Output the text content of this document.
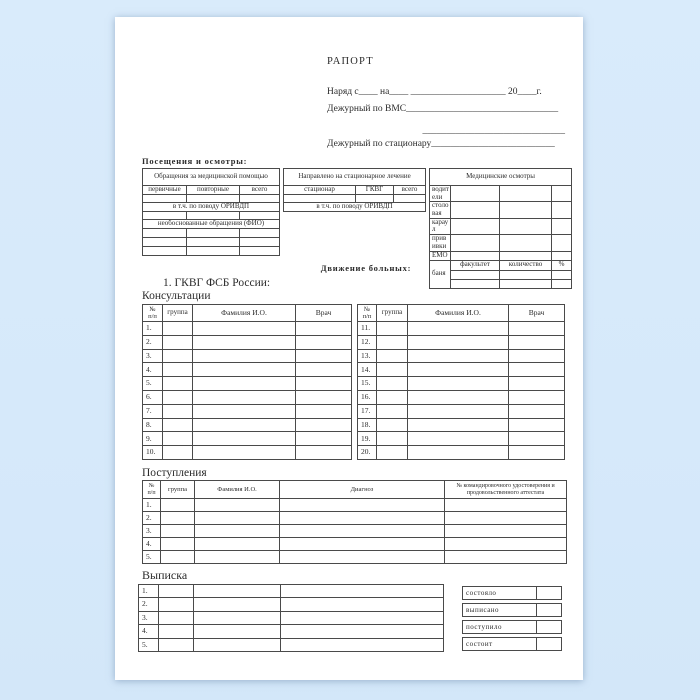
РАПОРТ
Наряд с____ на____ ____________________ 20____г.
Дежурный по ВМС________________________________
______________________________
Дежурный по стационару__________________________
Посещения и осмотры:
Обращения за медицинской помощью		
первичные	повторные	всего

в т.ч. по поводу ОРИВДП		

необоснованные обращения (ФИО)		

Направлено на стационарное лечение		
стационар	ГКВГ	всего

в т.ч. по поводу ОРИВДП		
Медицинские осмотры			
водители			
столовая			
караул			
прививки			
ЕМО			
баня	факультет	количество	%

Движение больных:
1. ГКВГ ФСБ России:
Консультации
№
п/п	группа	Фамилия И.О.	Врач
1.			
2.			
3.			
4.			
5.			
6.			
7.			
8.			
9.			
10.			
№
п/п	группа	Фамилия И.О.	Врач
11.			
12.			
13.			
14.			
15.			
16.			
17.			
18.			
19.			
20.			
Поступления
№
п/п	группа	Фамилия И.О.	Диагноз	№ командировочного удостоверения и продовольственного аттестата
1.				
2.				
3.				
4.				
5.				
Выписка
1.			
2.			
3.			
4.			
5.			
состояло
выписано
поступило
состоит
